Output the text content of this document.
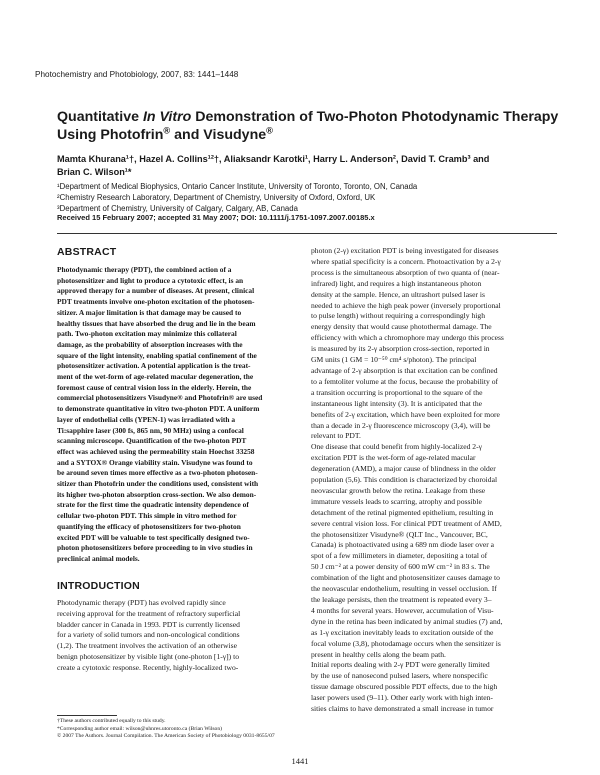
Photochemistry and Photobiology, 2007, 83: 1441–1448
Quantitative In Vitro Demonstration of Two-Photon Photodynamic Therapy
Using Photofrin® and Visudyne®
Mamta Khurana¹†, Hazel A. Collins¹²†, Aliaksandr Karotki¹, Harry L. Anderson², David T. Cramb³ and
Brian C. Wilson¹*
¹Department of Medical Biophysics, Ontario Cancer Institute, University of Toronto, Toronto, ON, Canada
²Chemistry Research Laboratory, Department of Chemistry, University of Oxford, Oxford, UK
³Department of Chemistry, University of Calgary, Calgary, AB, Canada
Received 15 February 2007; accepted 31 May 2007; DOI: 10.1111/j.1751-1097.2007.00185.x
ABSTRACT
Photodynamic therapy (PDT), the combined action of a
photosensitizer and light to produce a cytotoxic effect, is an
approved therapy for a number of diseases. At present, clinical
PDT treatments involve one-photon excitation of the photosen-
sitizer. A major limitation is that damage may be caused to
healthy tissues that have absorbed the drug and lie in the beam
path. Two-photon excitation may minimize this collateral
damage, as the probability of absorption increases with the
square of the light intensity, enabling spatial confinement of the
photosensitizer activation. A potential application is the treat-
ment of the wet-form of age-related macular degeneration, the
foremost cause of central vision loss in the elderly. Herein, the
commercial photosensitizers Visudyne® and Photofrin® are used
to demonstrate quantitative in vitro two-photon PDT. A uniform
layer of endothelial cells (YPEN-1) was irradiated with a
Ti:sapphire laser (300 fs, 865 nm, 90 MHz) using a confocal
scanning microscope. Quantification of the two-photon PDT
effect was achieved using the permeability stain Hoechst 33258
and a SYTOX® Orange viability stain. Visudyne was found to
be around seven times more effective as a two-photon photosen-
sitizer than Photofrin under the conditions used, consistent with
its higher two-photon absorption cross-section. We also demon-
strate for the first time the quadratic intensity dependence of
cellular two-photon PDT. This simple in vitro method for
quantifying the efficacy of photosensitizers for two-photon
excited PDT will be valuable to test specifically designed two-
photon photosensitizers before proceeding to in vivo studies in
preclinical animal models.
INTRODUCTION
Photodynamic therapy (PDT) has evolved rapidly since
receiving approval for the treatment of refractory superficial
bladder cancer in Canada in 1993. PDT is currently licensed
for a variety of solid tumors and non-oncological conditions
(1,2). The treatment involves the activation of an otherwise
benign photosensitizer by visible light (one-photon [1-γ]) to
create a cytotoxic response. Recently, highly-localized two-
photon (2-γ) excitation PDT is being investigated for diseases
where spatial specificity is a concern. Photoactivation by a 2-γ
process is the simultaneous absorption of two quanta of (near-
infrared) light, and requires a high instantaneous photon
density at the sample. Hence, an ultrashort pulsed laser is
needed to achieve the high peak power (inversely proportional
to pulse length) without requiring a correspondingly high
energy density that would cause photothermal damage. The
efficiency with which a chromophore may undergo this process
is measured by its 2-γ absorption cross-section, reported in
GM units (1 GM = 10⁻⁵⁰ cm⁴ s/photon). The principal
advantage of 2-γ absorption is that excitation can be confined
to a femtoliter volume at the focus, because the probability of
a transition occurring is proportional to the square of the
instantaneous light intensity (3). It is anticipated that the
benefits of 2-γ excitation, which have been exploited for more
than a decade in 2-γ fluorescence microscopy (3,4), will be
relevant to PDT.
One disease that could benefit from highly-localized 2-γ
excitation PDT is the wet-form of age-related macular
degeneration (AMD), a major cause of blindness in the older
population (5,6). This condition is characterized by choroidal
neovascular growth below the retina. Leakage from these
immature vessels leads to scarring, atrophy and possible
detachment of the retinal pigmented epithelium, resulting in
severe central vision loss. For clinical PDT treatment of AMD,
the photosensitizer Visudyne® (QLT Inc., Vancouver, BC,
Canada) is photoactivated using a 689 nm diode laser over a
spot of a few millimeters in diameter, depositing a total of
50 J cm⁻² at a power density of 600 mW cm⁻² in 83 s. The
combination of the light and photosensitizer causes damage to
the neovascular endothelium, resulting in vessel occlusion. If
the leakage persists, then the treatment is repeated every 3–
4 months for several years. However, accumulation of Visu-
dyne in the retina has been indicated by animal studies (7) and,
as 1-γ excitation inevitably leads to excitation outside of the
focal volume (3,8), photodamage occurs when the sensitizer is
present in healthy cells along the beam path.
Initial reports dealing with 2-γ PDT were generally limited
by the use of nanosecond pulsed lasers, where nonspecific
tissue damage obscured possible PDT effects, due to the high
laser powers used (9–11). Other early work with high inten-
sities claims to have demonstrated a small increase in tumor
†These authors contributed equally to this study.
*Corresponding author email: wilson@uhnres.utoronto.ca (Brian Wilson)
© 2007 The Authors. Journal Compilation. The American Society of Photobiology 0031-8655/07
1441
